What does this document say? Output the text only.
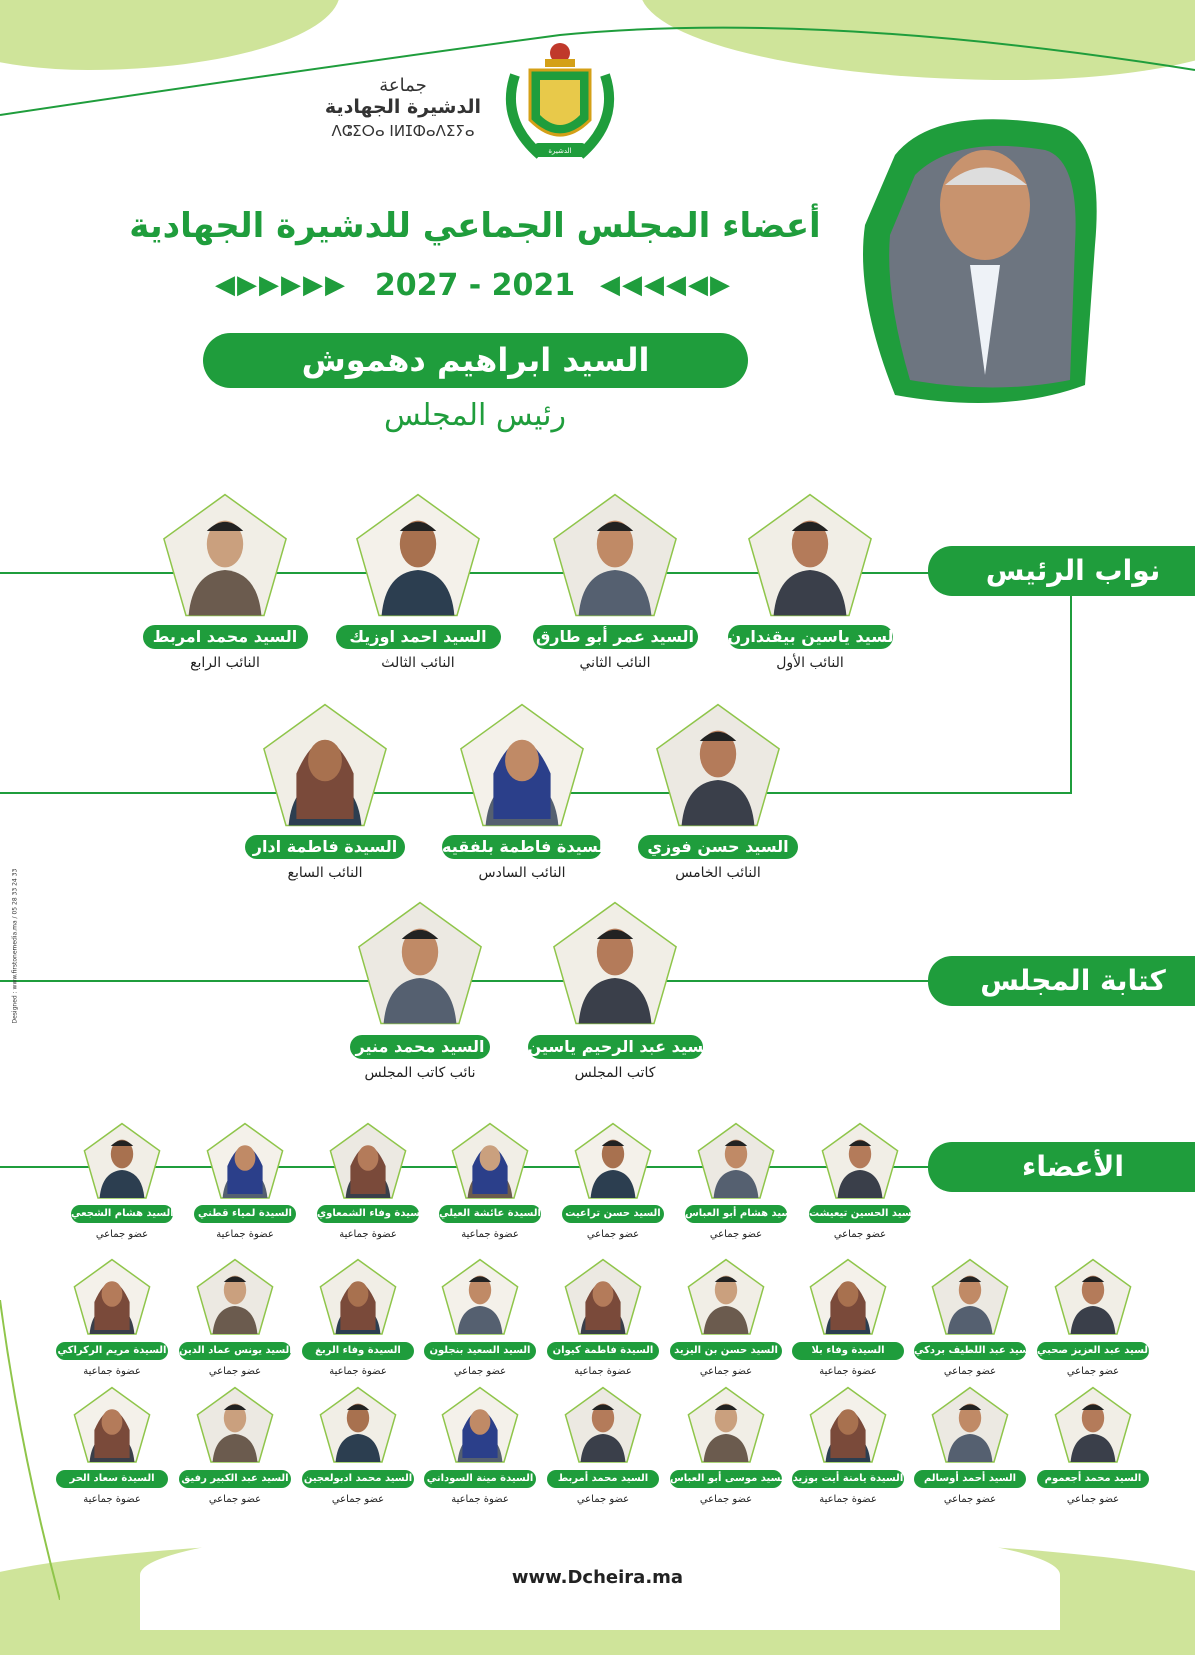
جماعة
الدشيرة الجهادية
ⴷⵛⵉⵔⴰ ⵏⵍⵊⵀⴰⴷⵉⵢⴰ
الدشيرة
أعضاء المجلس الجماعي للدشيرة الجهادية
◀▶▶▶▶▶ 2027 - 2021 ◀◀◀◀◀▶
السيد ابراهيم دهموش
رئيس المجلس
نواب الرئيس
كتابة المجلس
الأعضاء
Designed : www.firstonemedia.ma / 05 28 33 24 33
www.Dcheira.ma
السيد ياسين بيقندارن
النائب الأول
السيد عمر أبو طارق
النائب الثاني
السيد احمد اوزيك
النائب الثالث
السيد محمد امربط
النائب الرابع
السيد حسن فوزي
النائب الخامس
السيدة فاطمة بلفقيه
النائب السادس
السيدة فاطمة ادار
النائب السابع
السيد عبد الرحيم ياسين
كاتب المجلس
السيد محمد منير
نائب كاتب المجلس
السيد الحسين تيعيشت
عضو جماعي
السيد هشام أبو العباس
عضو جماعي
السيد حسن تراعيت
عضو جماعي
السيدة عائشة العيلي
عضوة جماعية
السيدة وفاء الشمعاوي
عضوة جماعية
السيدة لمياء قطني
عضوة جماعية
السيد هشام الشجعي
عضو جماعي
السيد عبد العزيز صحبي
عضو جماعي
السيد عبد اللطيف بردكي
عضو جماعي
السيدة وفاء بلا
عضوة جماعية
السيد حسن بن اليزيد
عضو جماعي
السيدة فاطمة كيوان
عضوة جماعية
السيد السعيد بنجلون
عضو جماعي
السيدة وفاء الربغ
عضوة جماعية
السيد يونس عماد الدين
عضو جماعي
السيدة مريم الركراكي
عضوة جماعية
السيد محمد أجعموم
عضو جماعي
السيد أحمد أوسالم
عضو جماعي
السيدة يامنة أيت بوزيد
عضوة جماعية
السيد موسى أبو العباس
عضو جماعي
السيد محمد أمربط
عضو جماعي
السيدة مينة السوداني
عضوة جماعية
السيد محمد ادبولعجين
عضو جماعي
السيد عبد الكبير رفيق
عضو جماعي
السيدة سعاد الحر
عضوة جماعية
